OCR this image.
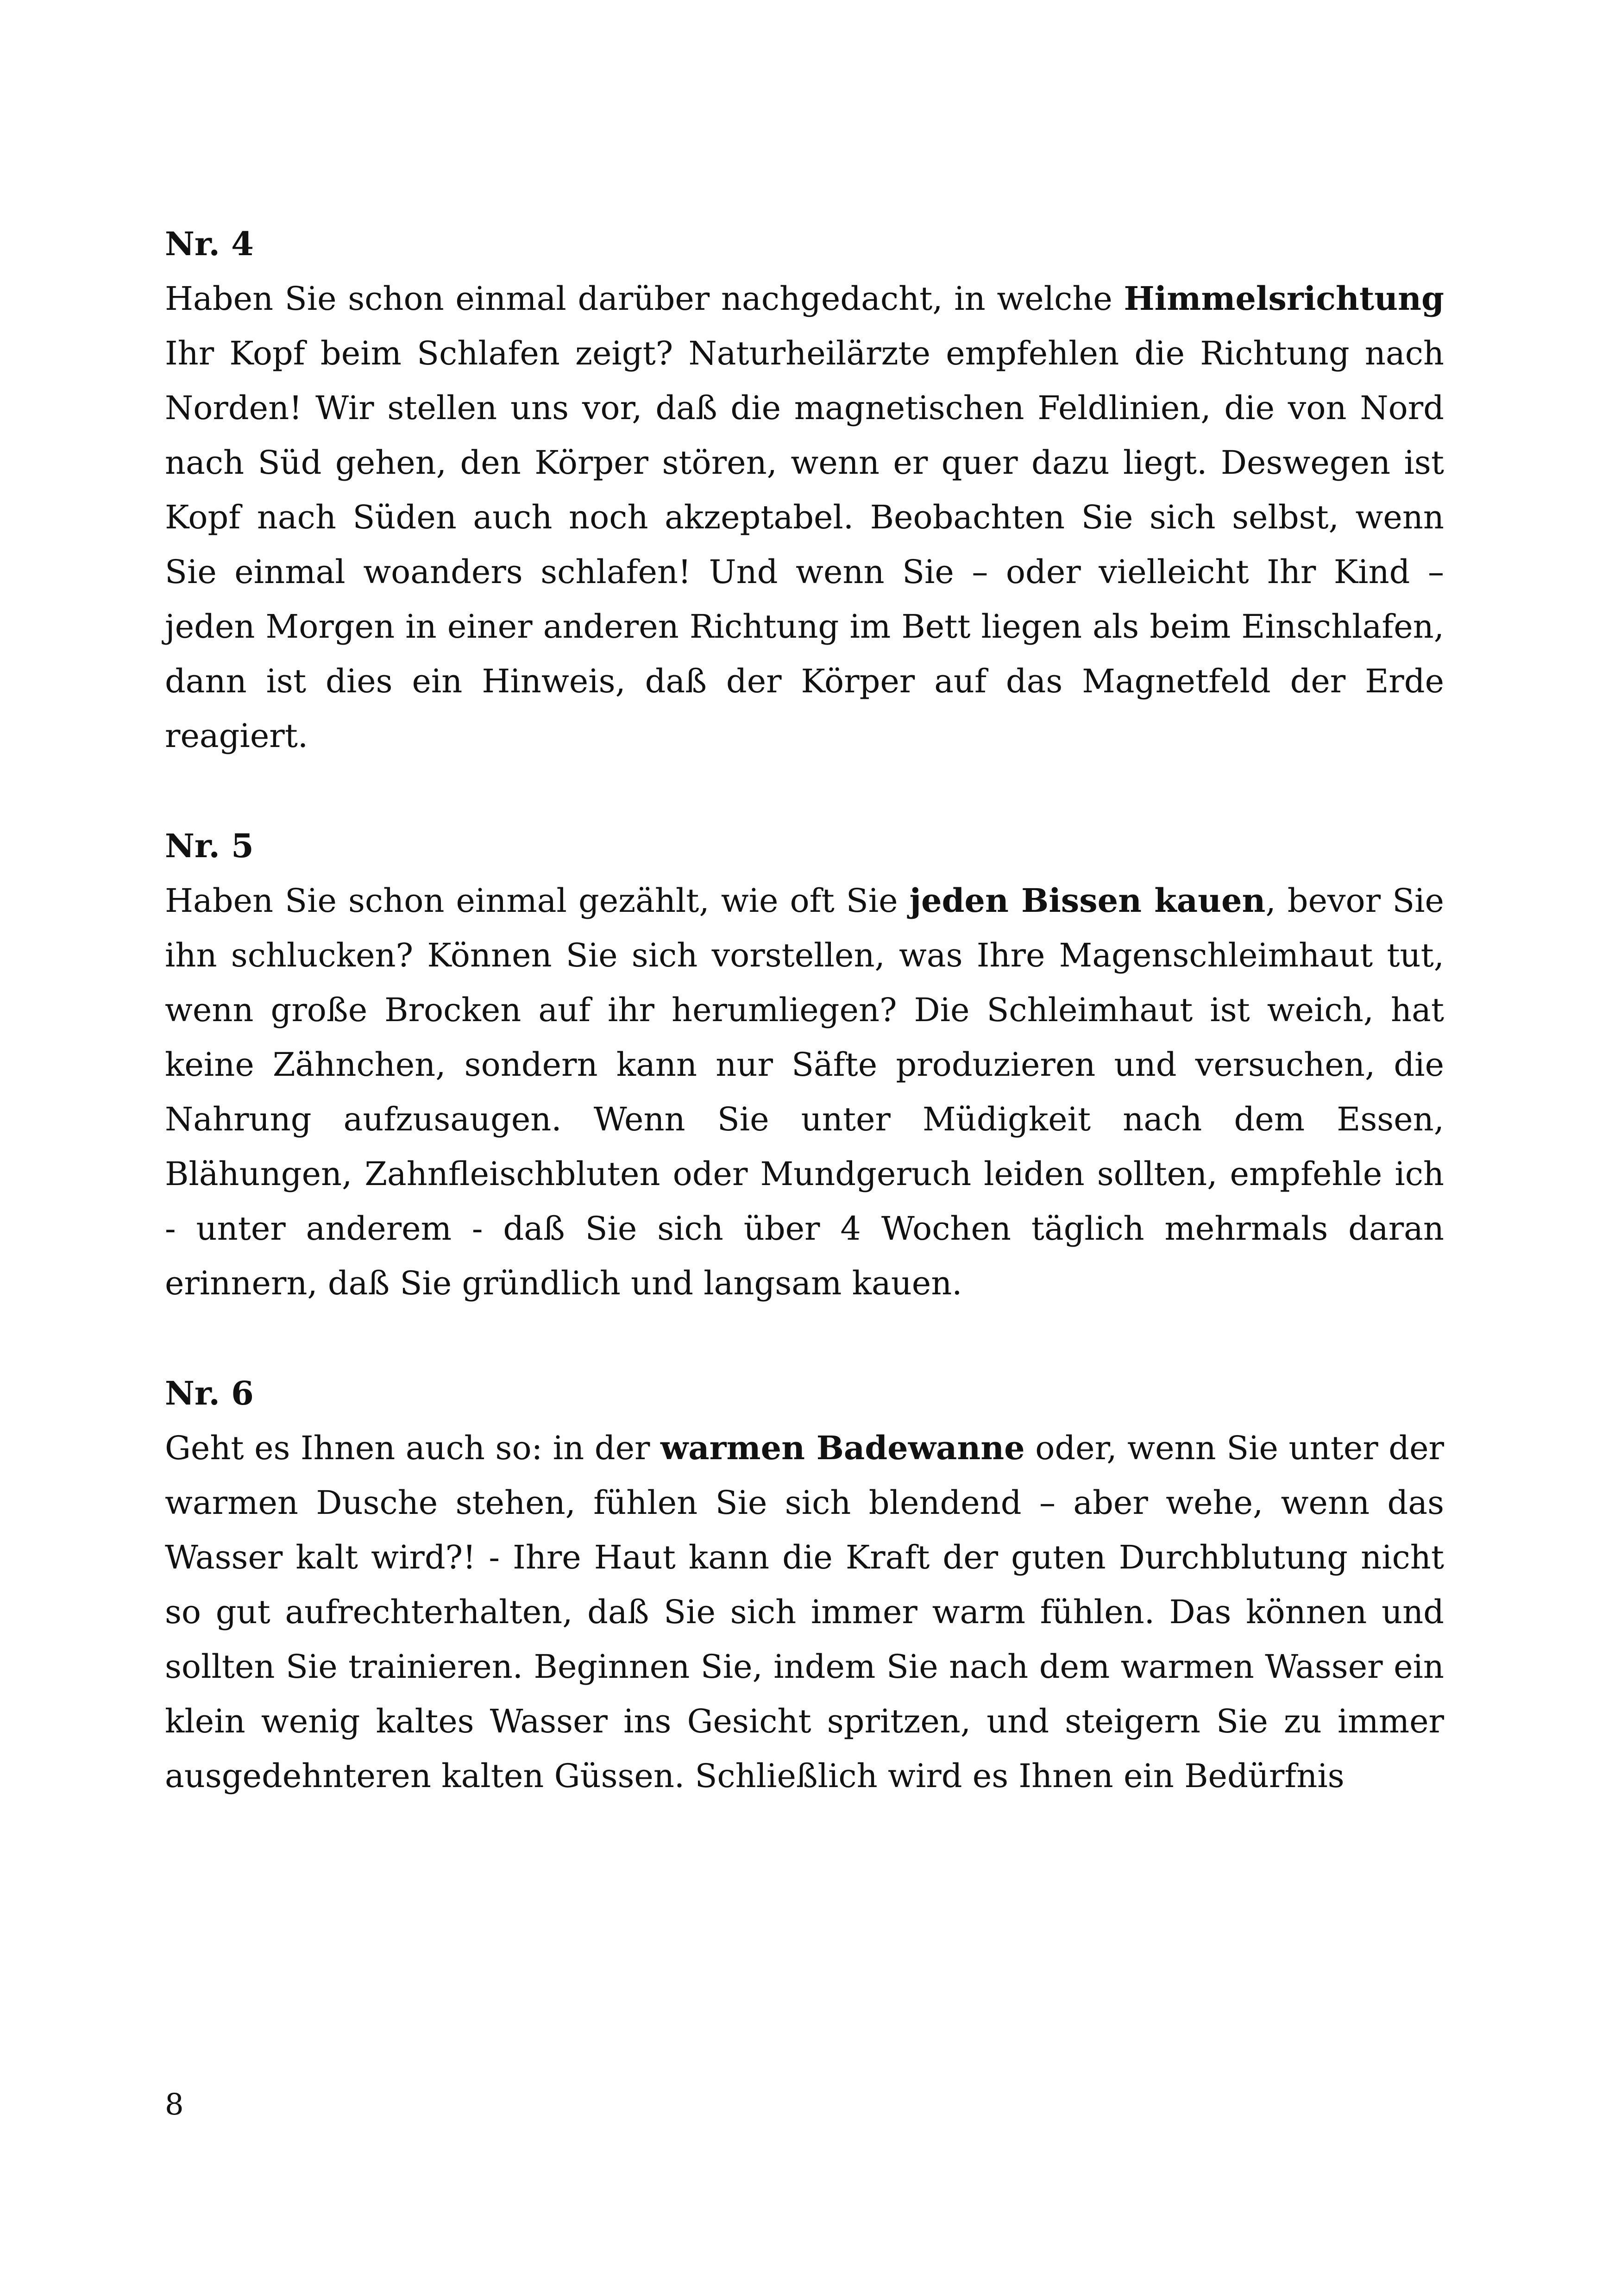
Nr. 4

Haben Sie schon einmal darüber nachgedacht, in welche Himmelsrichtung Ihr Kopf beim Schlafen zeigt? Naturheilärzte empfehlen die Richtung nach Norden! Wir stellen uns vor, daß die magnetischen Feldlinien, die von Nord nach Süd gehen, den Körper stören, wenn er quer dazu liegt. Deswegen ist Kopf nach Süden auch noch akzeptabel. Beobachten Sie sich selbst, wenn Sie einmal woanders schlafen! Und wenn Sie – oder vielleicht Ihr Kind – jeden Morgen in einer anderen Richtung im Bett liegen als beim Einschlafen, dann ist dies ein Hinweis, daß der Körper auf das Magnetfeld der Erde reagiert.

Nr. 5

Haben Sie schon einmal gezählt, wie oft Sie jeden Bissen kauen, bevor Sie ihn schlucken? Können Sie sich vorstellen, was Ihre Magenschleimhaut tut, wenn große Brocken auf ihr herumliegen? Die Schleimhaut ist weich, hat keine Zähnchen, sondern kann nur Säfte produzieren und versuchen, die Nahrung aufzusaugen. Wenn Sie unter Müdigkeit nach dem Essen, Blähungen, Zahnfleischbluten oder Mundgeruch leiden sollten, empfehle ich - unter anderem - daß Sie sich über 4 Wochen täglich mehrmals daran erinnern, daß Sie gründlich und langsam kauen.

Nr. 6

Geht es Ihnen auch so: in der warmen Badewanne oder, wenn Sie unter der warmen Dusche stehen, fühlen Sie sich blendend – aber wehe, wenn das Wasser kalt wird?! - Ihre Haut kann die Kraft der guten Durchblutung nicht so gut aufrechterhalten, daß Sie sich immer warm fühlen. Das können und sollten Sie trainieren. Beginnen Sie, indem Sie nach dem warmen Wasser ein klein wenig kaltes Wasser ins Gesicht spritzen, und steigern Sie zu immer ausgedehnteren kalten Güssen. Schließlich wird es Ihnen ein Bedürfnis

8
